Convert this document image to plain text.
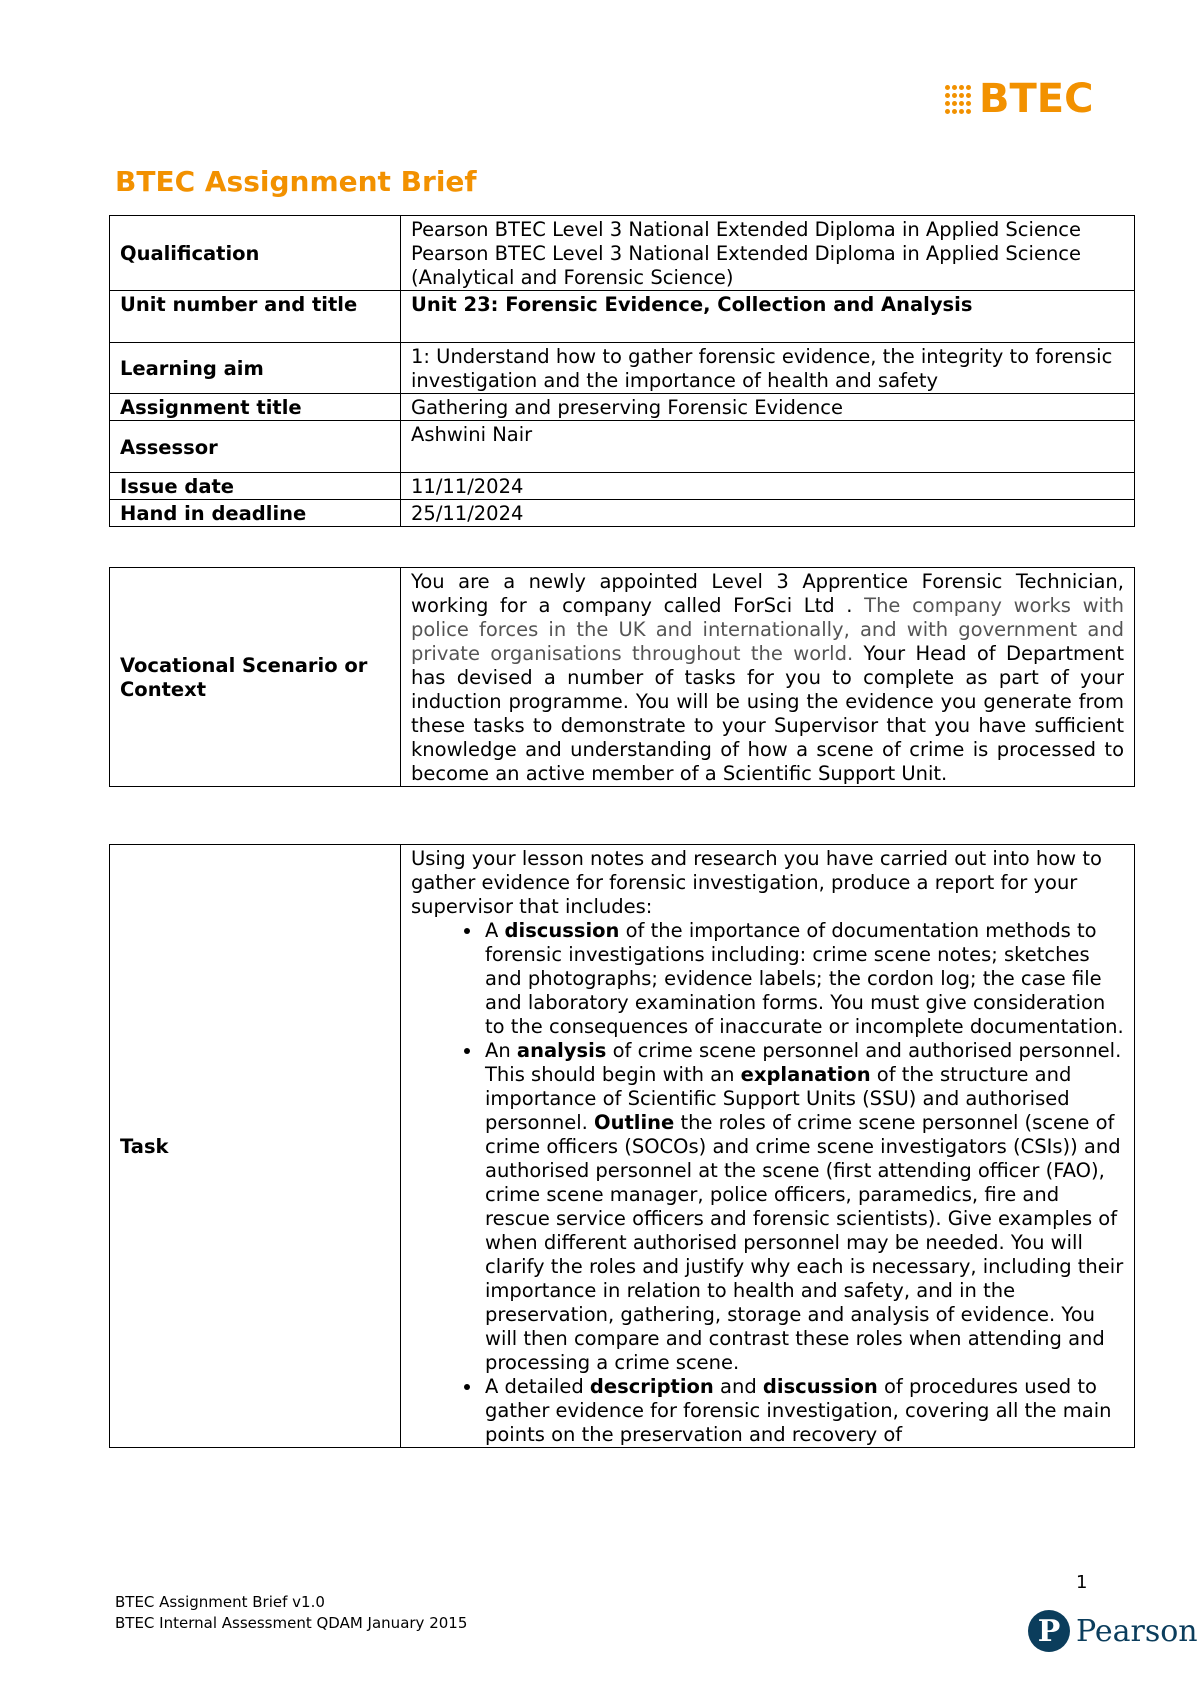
BTEC
BTEC Assignment Brief
Qualification	Pearson BTEC Level 3 National Extended Diploma in Applied Science
Pearson BTEC Level 3 National Extended Diploma in Applied Science (Analytical and Forensic Science)

Unit number and title	Unit 23: Forensic Evidence, Collection and Analysis
Learning aim	1: Understand how to gather forensic evidence, the integrity to forensic investigation and the importance of health and safety
Assignment title	Gathering and preserving Forensic Evidence
Assessor	Ashwini Nair
Issue date	11/11/2024
Hand in deadline	25/11/2024
Vocational Scenario or Context	You are a newly appointed Level 3 Apprentice Forensic Technician, working for a company called ForSci Ltd . The company works with police forces in the UK and internationally, and with government and private organisations throughout the world. Your Head of Department has devised a number of tasks for you to complete as part of your induction programme. You will be using the evidence you generate from these tasks to demonstrate to your Supervisor that you have sufficient knowledge and understanding of how a scene of crime is processed to become an active member of a Scientific Support Unit.
Task	
Using your lesson notes and research you have carried out into how to gather evidence for forensic investigation, produce a report for your supervisor that includes:
• A discussion of the importance of documentation methods to forensic investigations including: crime scene notes; sketches and photographs; evidence labels; the cordon log; the case file and laboratory examination forms. You must give consideration to the consequences of inaccurate or incomplete documentation.
• An analysis of crime scene personnel and authorised personnel. This should begin with an explanation of the structure and importance of Scientific Support Units (SSU) and authorised personnel. Outline the roles of crime scene personnel (scene of crime officers (SOCOs) and crime scene investigators (CSIs)) and authorised personnel at the scene (first attending officer (FAO), crime scene manager, police officers, paramedics, fire and rescue service officers and forensic scientists). Give examples of when different authorised personnel may be needed. You will clarify the roles and justify why each is necessary, including their importance in relation to health and safety, and in the preservation, gathering, storage and analysis of evidence. You will then compare and contrast these roles when attending and processing a crime scene.
• A detailed description and discussion of procedures used to gather evidence for forensic investigation, covering all the main points on the preservation and recovery of
1
BTEC Assignment Brief v1.0
BTEC Internal Assessment QDAM January 2015	P Pearson
